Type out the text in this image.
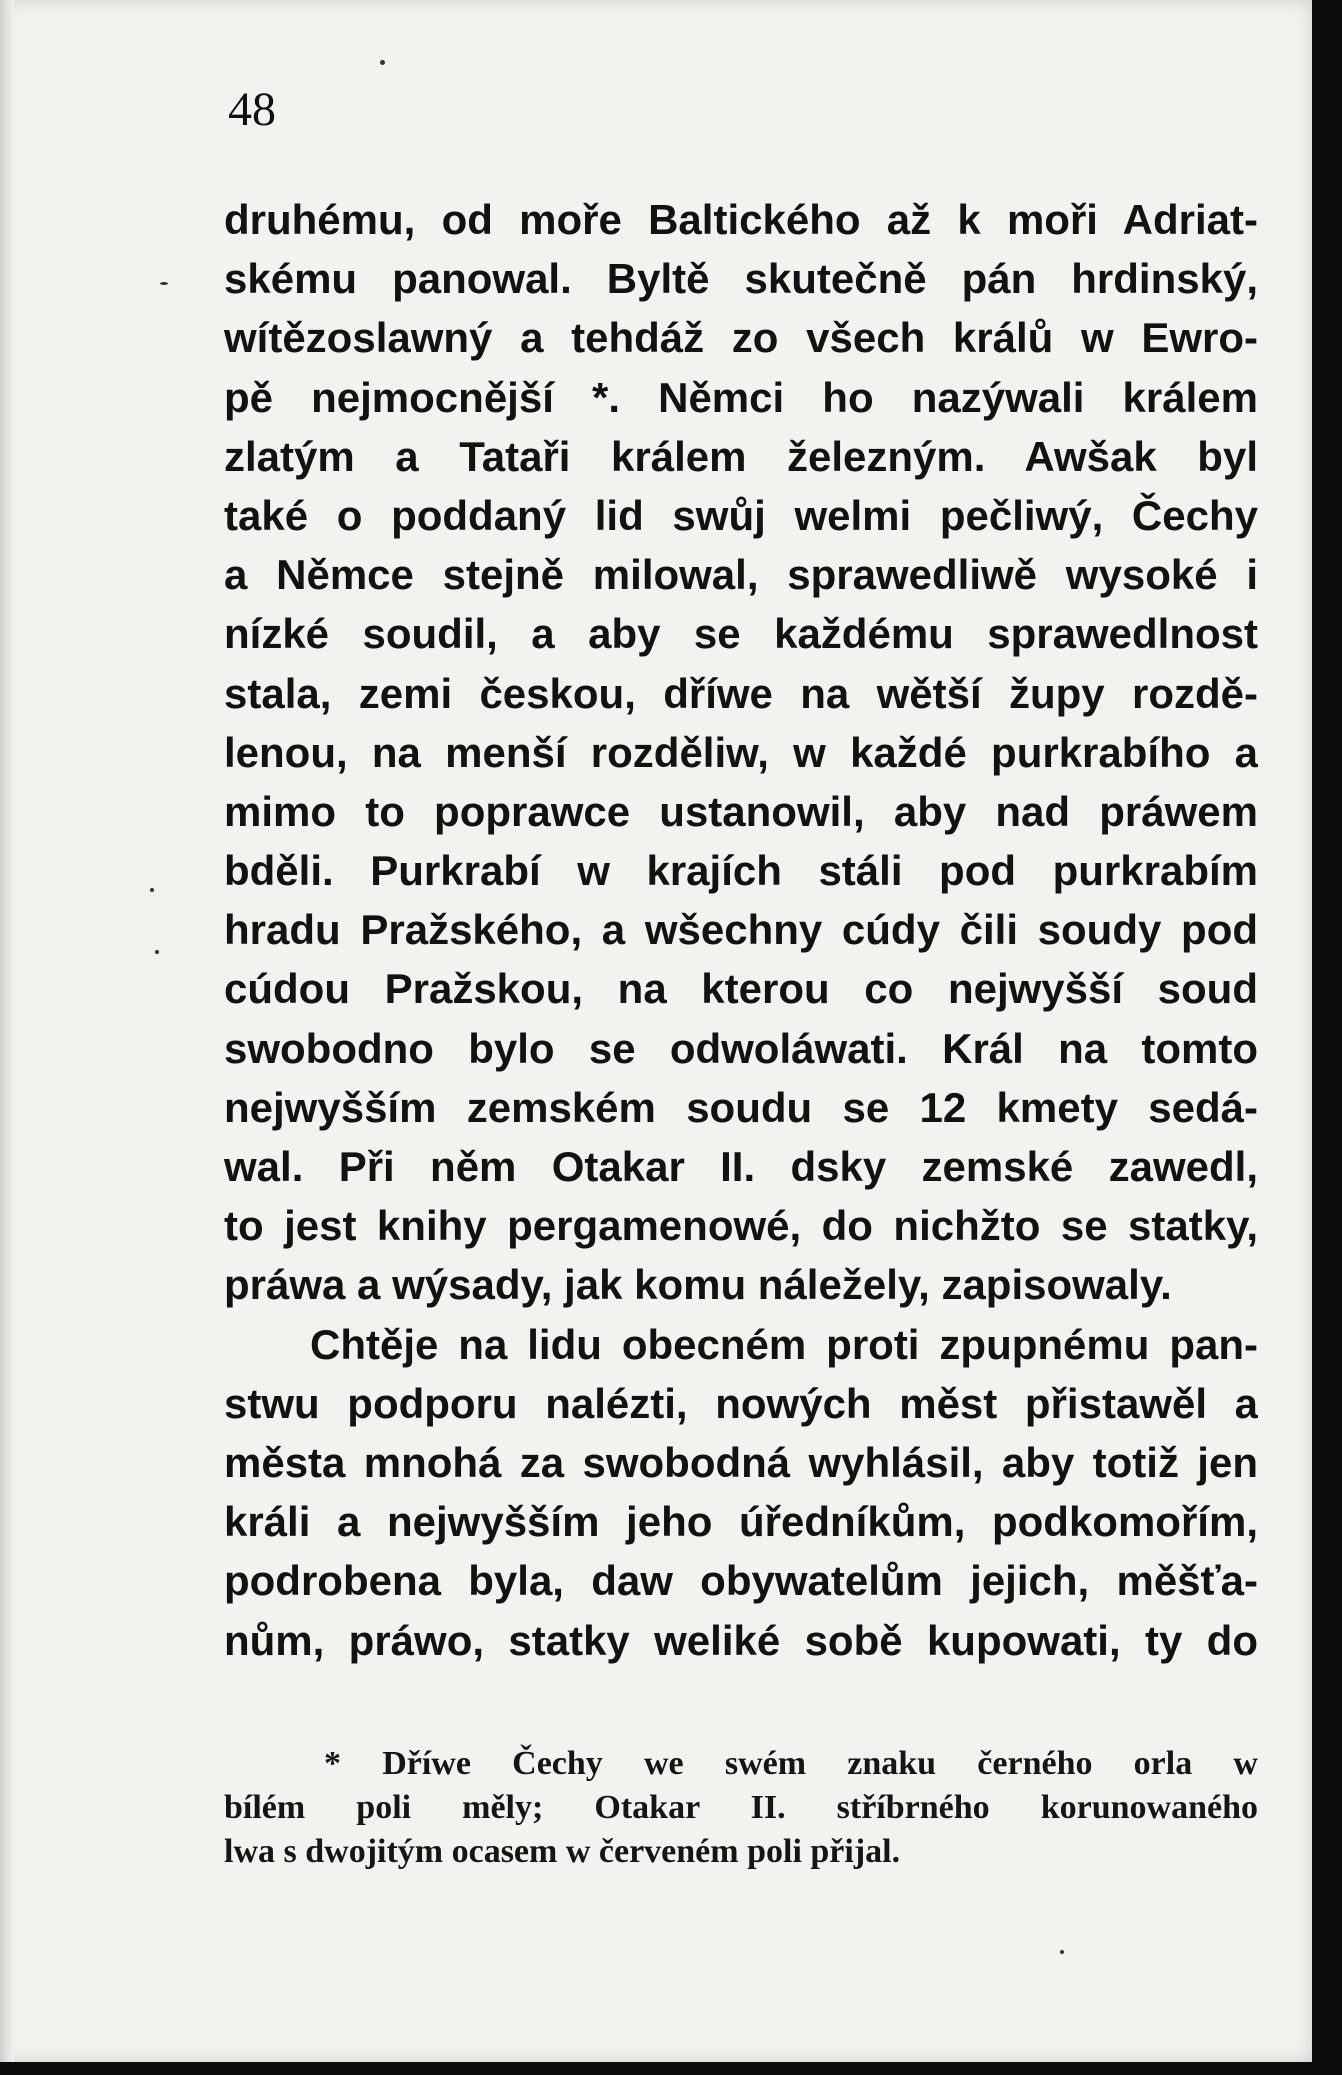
48
druhému, od moře Baltického až k moři Adriat-
skému panowal. Byltě skutečně pán hrdinský,
wítězoslawný a tehdáž zo všech králů w Ewro-
pě nejmocnější *. Němci ho nazýwali králem
zlatým a Tataři králem železným. Awšak byl
také o poddaný lid swůj welmi pečliwý, Čechy
a Němce stejně milowal, sprawedliwě wysoké i
nízké soudil, a aby se každému sprawedlnost
stala, zemi českou, dříwe na wětší župy rozdě-
lenou, na menší rozděliw, w každé purkrabího a
mimo to poprawce ustanowil, aby nad práwem
bděli. Purkrabí w krajích stáli pod purkrabím
hradu Pražského, a wšechny cúdy čili soudy pod
cúdou Pražskou, na kterou co nejwyšší soud
swobodno bylo se odwoláwati. Král na tomto
nejwyšším zemském soudu se 12 kmety sedá-
wal. Při něm Otakar II. dsky zemské zawedl,
to jest knihy pergamenowé, do nichžto se statky,
práwa a wýsady, jak komu náležely, zapisowaly.
Chtěje na lidu obecném proti zpupnému pan-
stwu podporu nalézti, nowých měst přistawěl a
města mnohá za swobodná wyhlásil, aby totiž jen
králi a nejwyšším jeho úředníkům, podkomořím,
podrobena byla, daw obywatelům jejich, měšťa-
nům, práwo, statky weliké sobě kupowati, ty do
* Dříwe Čechy we swém znaku černého orla w
bílém poli měly; Otakar II. stříbrného korunowaného
lwa s dwojitým ocasem w červeném poli přijal.
